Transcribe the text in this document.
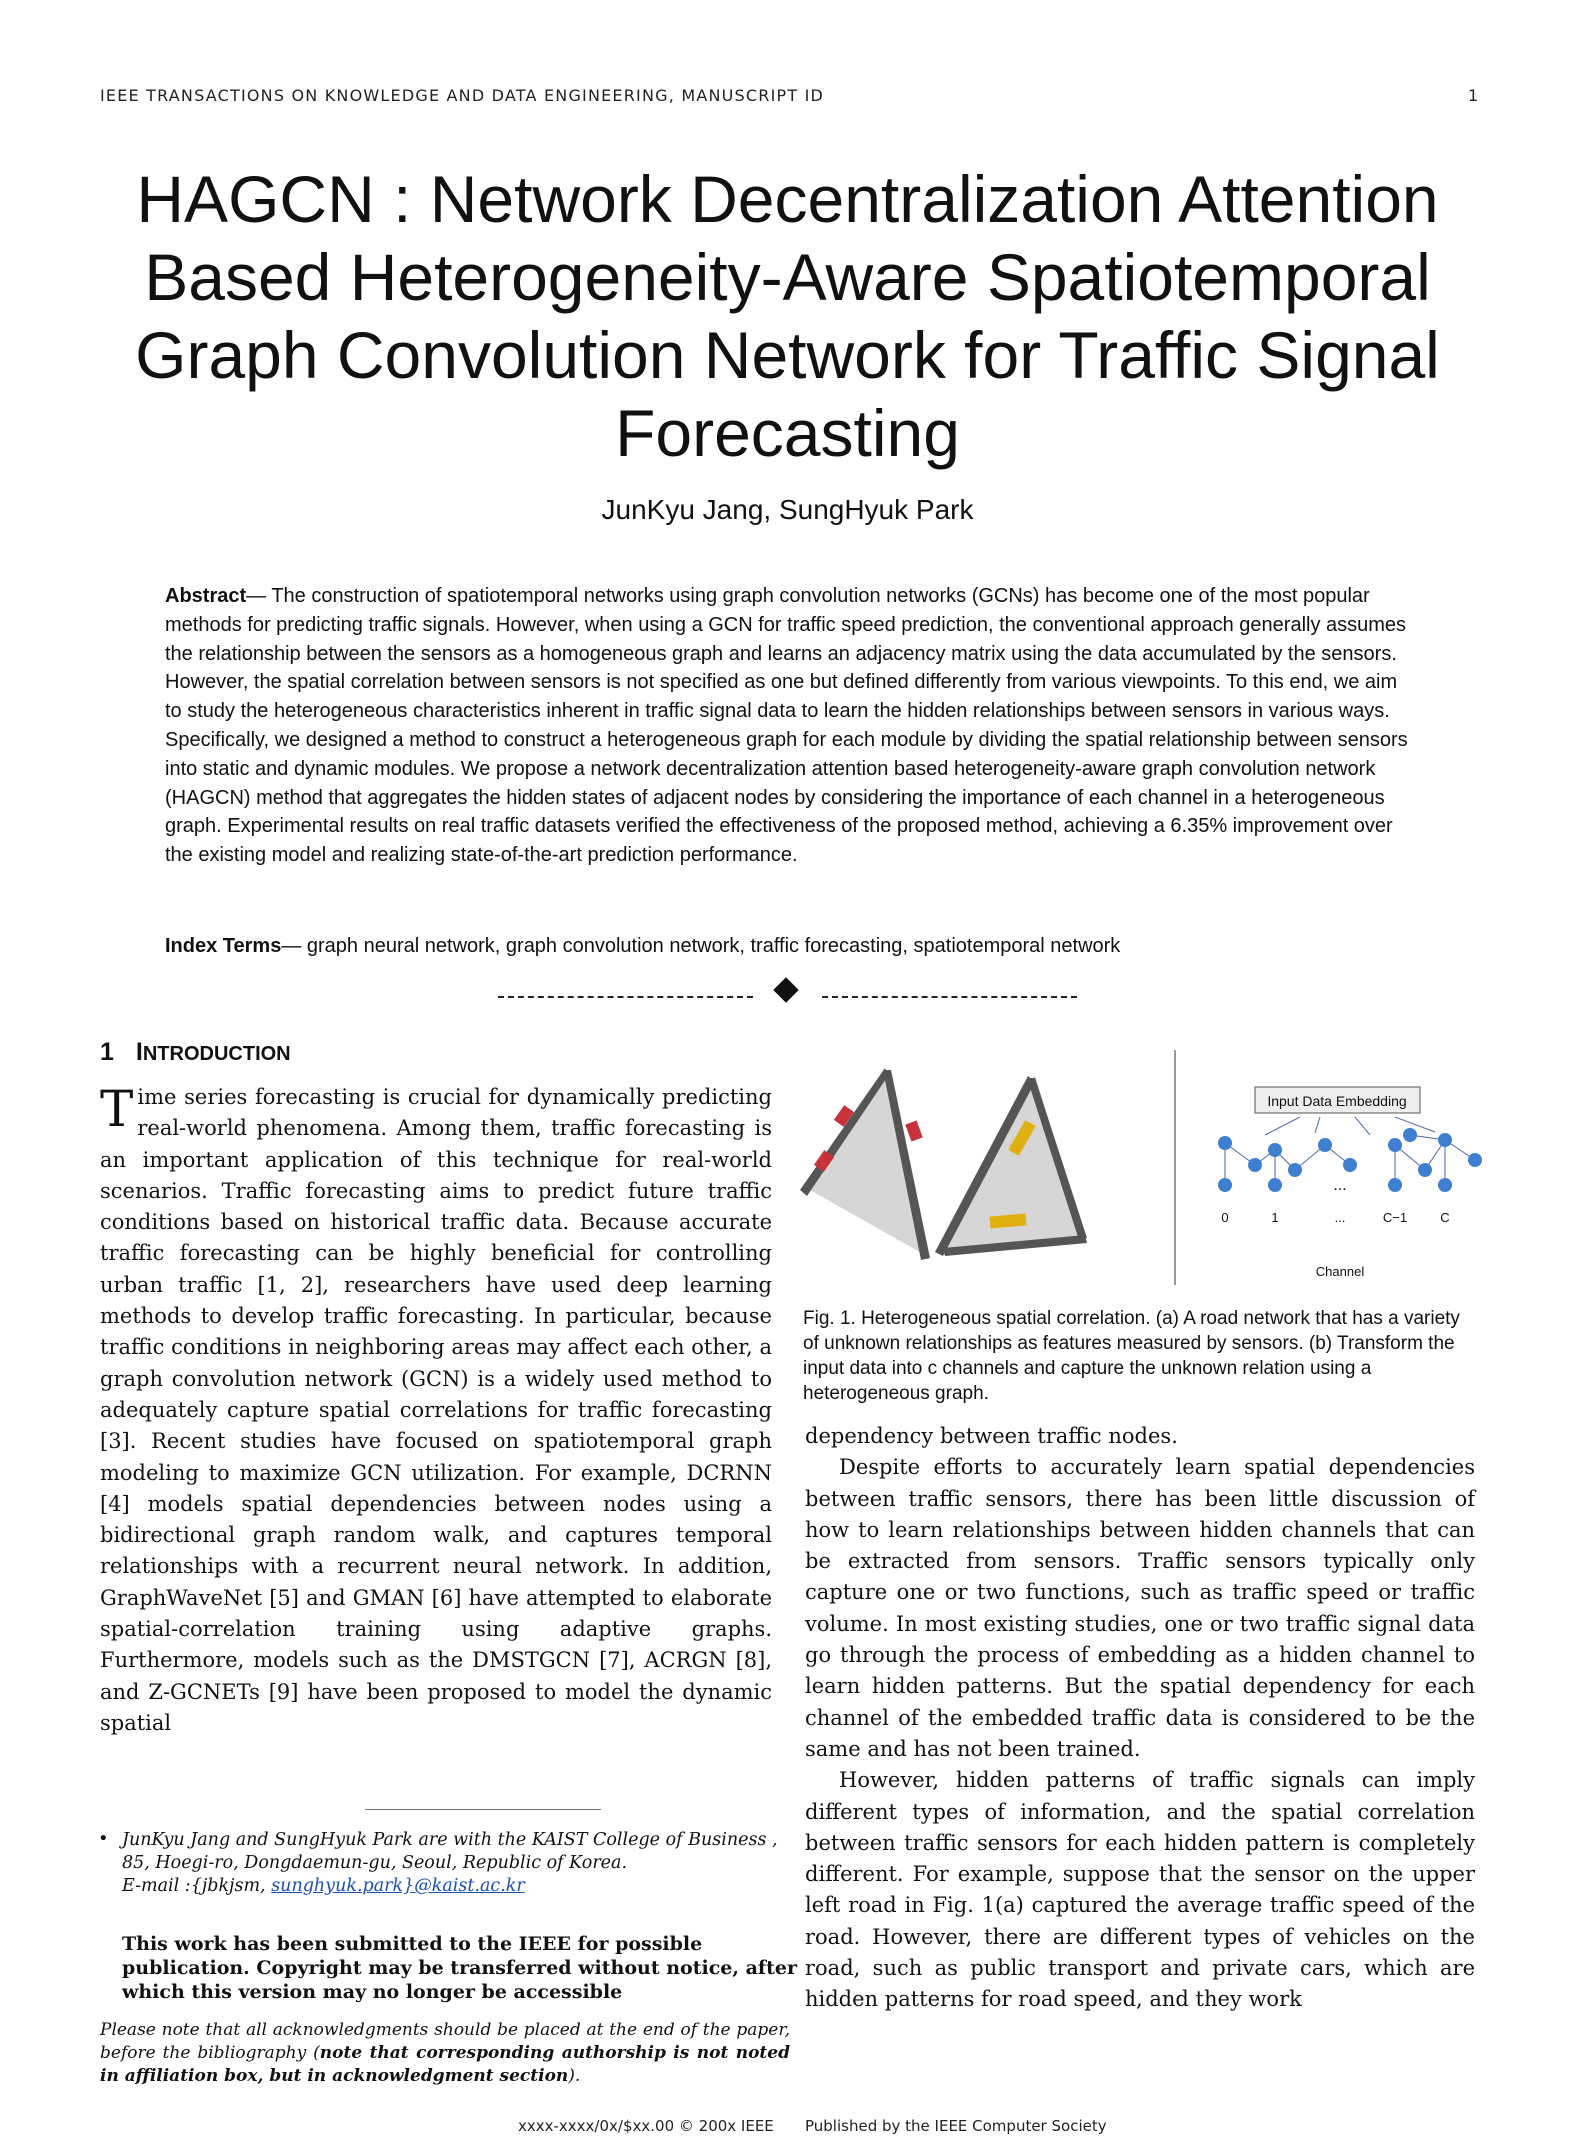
IEEE TRANSACTIONS ON KNOWLEDGE AND DATA ENGINEERING, MANUSCRIPT ID	1
HAGCN : Network Decentralization Attention
Based Heterogeneity-Aware Spatiotemporal
Graph Convolution Network for Traffic Signal
Forecasting
JunKyu Jang, SungHyuk Park
Abstract— The construction of spatiotemporal networks using graph convolution networks (GCNs) has become one of the most popular methods for predicting traffic signals. However, when using a GCN for traffic speed prediction, the conventional approach generally assumes the relationship between the sensors as a homogeneous graph and learns an adjacency matrix using the data accumulated by the sensors. However, the spatial correlation between sensors is not specified as one but defined differently from various viewpoints. To this end, we aim to study the heterogeneous characteristics inherent in traffic signal data to learn the hidden relationships between sensors in various ways. Specifically, we designed a method to construct a heterogeneous graph for each module by dividing the spatial relationship between sensors into static and dynamic modules. We propose a network decentralization attention based heterogeneity-aware graph convolution network (HAGCN) method that aggregates the hidden states of adjacent nodes by considering the importance of each channel in a heterogeneous graph. Experimental results on real traffic datasets verified the effectiveness of the proposed method, achieving a 6.35% improvement over the existing model and realizing state-of-the-art prediction performance.
Index Terms— graph neural network, graph convolution network, traffic forecasting, spatiotemporal network
1 INTRODUCTION
Time series forecasting is crucial for dynamically predicting real-world phenomena. Among them, traffic forecasting is an important application of this technique for real-world scenarios. Traffic forecasting aims to predict future traffic conditions based on historical traffic data. Because accurate traffic forecasting can be highly beneficial for controlling urban traffic [1, 2], researchers have used deep learning methods to develop traffic forecasting. In particular, because traffic conditions in neighboring areas may affect each other, a graph convolution network (GCN) is a widely used method to adequately capture spatial correlations for traffic forecasting [3]. Recent studies have focused on spatiotemporal graph modeling to maximize GCN utilization. For example, DCRNN [4] models spatial dependencies between nodes using a bidirectional graph random walk, and captures temporal relationships with a recurrent neural network. In addition, GraphWaveNet [5] and GMAN [6] have attempted to elaborate spatial-correlation training using adaptive graphs. Furthermore, models such as the DMSTGCN [7], ACRGN [8], and Z-GCNETs [9] have been proposed to model the dynamic spatial
Input Data Embedding
...
0	1	...	C−1	C
Channel
Fig. 1. Heterogeneous spatial correlation. (a) A road network that has a variety of unknown relationships as features measured by sensors. (b) Transform the input data into c channels and capture the unknown relation using a heterogeneous graph.

dependency between traffic nodes.

Despite efforts to accurately learn spatial dependencies between traffic sensors, there has been little discussion of how to learn relationships between hidden channels that can be extracted from sensors. Traffic sensors typically only capture one or two functions, such as traffic speed or traffic volume. In most existing studies, one or two traffic signal data go through the process of embedding as a hidden channel to learn hidden patterns. But the spatial dependency for each channel of the embedded traffic data is considered to be the same and has not been trained.

However, hidden patterns of traffic signals can imply different types of information, and the spatial correlation between traffic sensors for each hidden pattern is completely different. For example, suppose that the sensor on the upper left road in Fig. 1(a) captured the average traffic speed of the road. However, there are different types of vehicles on the road, such as public transport and private cars, which are hidden patterns for road speed, and they work

• JunKyu Jang and SungHyuk Park are with the KAIST College of Business , 85, Hoegi-ro, Dongdaemun-gu, Seoul, Republic of Korea.
E-mail :{jbkjsm, sunghyuk.park}@kaist.ac.kr
This work has been submitted to the IEEE for possible publication. Copyright may be transferred without notice, after which this version may no longer be accessible
Please note that all acknowledgments should be placed at the end of the paper, before the bibliography (note that corresponding authorship is not noted in affiliation box, but in acknowledgment section).
xxxx-xxxx/0x/$xx.00 © 200x IEEE Published by the IEEE Computer Society
